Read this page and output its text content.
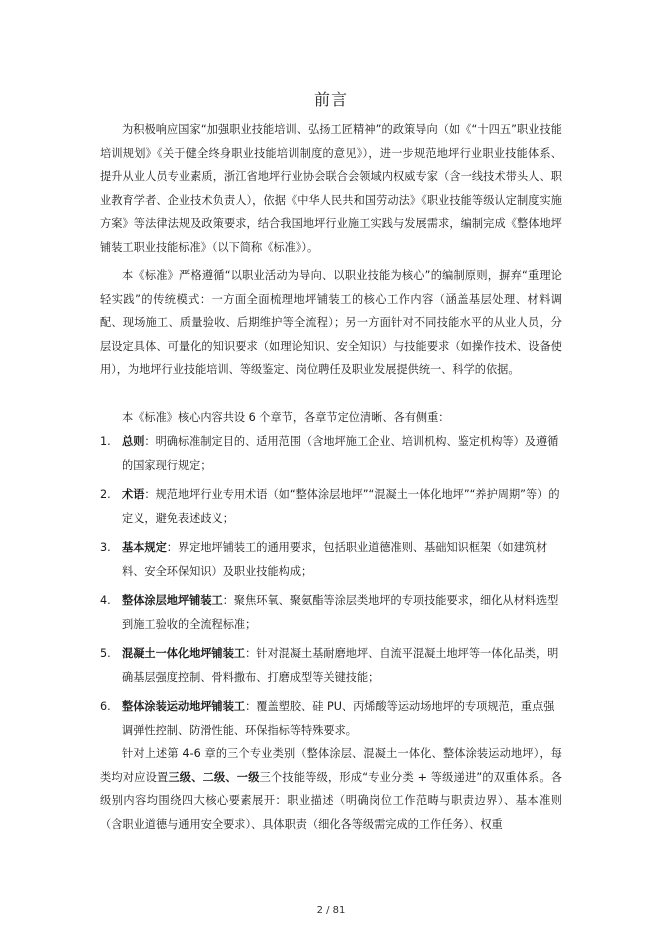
前言

为积极响应国家“加强职业技能培训、弘扬工匠精神”的政策导向（如《“十四五”职业技能培训规划》《关于健全终身职业技能培训制度的意见》），进一步规范地坪行业职业技能体系、提升从业人员专业素质，浙江省地坪行业协会联合会领域内权威专家（含一线技术带头人、职业教育学者、企业技术负责人），依据《中华人民共和国劳动法》《职业技能等级认定制度实施方案》等法律法规及政策要求，结合我国地坪行业施工实践与发展需求，编制完成《整体地坪铺装工职业技能标准》（以下简称《标准》）。

本《标准》严格遵循“以职业活动为导向、以职业技能为核心”的编制原则，摒弃“重理论轻实践”的传统模式：一方面全面梳理地坪铺装工的核心工作内容（涵盖基层处理、材料调配、现场施工、质量验收、后期维护等全流程）；另一方面针对不同技能水平的从业人员，分层设定具体、可量化的知识要求（如理论知识、安全知识）与技能要求（如操作技术、设备使用），为地坪行业技能培训、等级鉴定、岗位聘任及职业发展提供统一、科学的依据。

本《标准》核心内容共设 6 个章节，各章节定位清晰、各有侧重：

1. 总则：明确标准制定目的、适用范围（含地坪施工企业、培训机构、鉴定机构等）及遵循的国家现行规定；
2. 术语：规范地坪行业专用术语（如“整体涂层地坪”“混凝土一体化地坪”“养护周期”等）的定义，避免表述歧义；
3. 基本规定：界定地坪铺装工的通用要求，包括职业道德准则、基础知识框架（如建筑材料、安全环保知识）及职业技能构成；
4. 整体涂层地坪铺装工：聚焦环氧、聚氨酯等涂层类地坪的专项技能要求，细化从材料选型到施工验收的全流程标准；
5. 混凝土一体化地坪铺装工：针对混凝土基耐磨地坪、自流平混凝土地坪等一体化品类，明确基层强度控制、骨料撒布、打磨成型等关键技能；
6. 整体涂装运动地坪铺装工：覆盖塑胶、硅 PU、丙烯酸等运动场地坪的专项规范，重点强调弹性控制、防滑性能、环保指标等特殊要求。

针对上述第 4-6 章的三个专业类别（整体涂层、混凝土一体化、整体涂装运动地坪），每类均对应设置三级、二级、一级三个技能等级，形成“专业分类 + 等级递进”的双重体系。各级别内容均围绕四大核心要素展开：职业描述（明确岗位工作范畴与职责边界）、基本准则（含职业道德与通用安全要求）、具体职责（细化各等级需完成的工作任务）、权重

2 / 81
